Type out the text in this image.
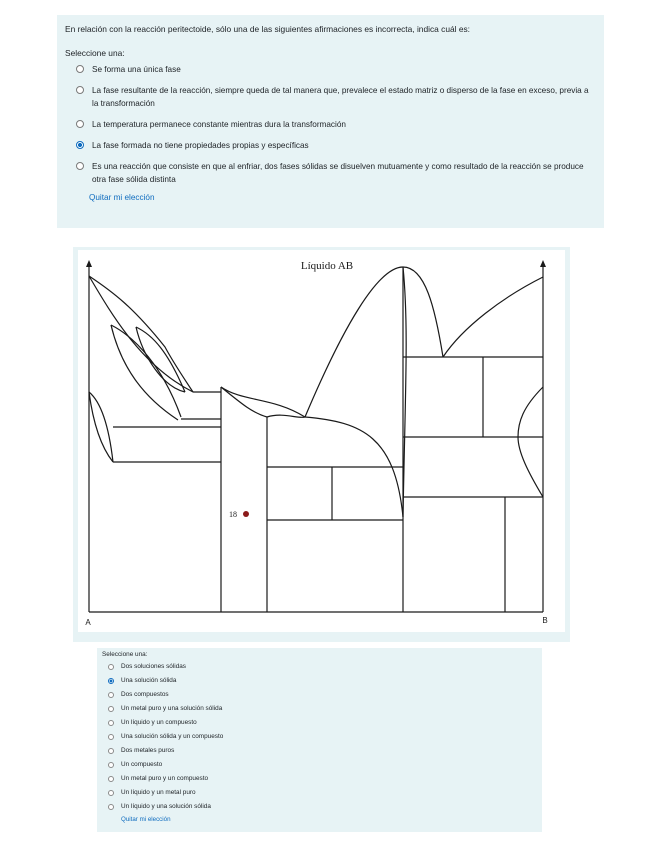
En relación con la reacción peritectoide, sólo una de las siguientes afirmaciones es incorrecta, indica cuál es:
Seleccione una:
Se forma una única fase
La fase resultante de la reacción, siempre queda de tal manera que, prevalece el estado matriz o disperso de la fase en exceso, previa a la transformación
La temperatura permanece constante mientras dura la transformación
La fase formada no tiene propiedades propias y específicas
Es una reacción que consiste en que al enfriar, dos fases sólidas se disuelven mutuamente y como resultado de la reacción se produce otra fase sólida distinta
Quitar mi elección
Líquido AB
18
A	B
Seleccione una:
Dos soluciones sólidas
Una solución sólida
Dos compuestos
Un metal puro y una solución sólida
Un líquido y un compuesto
Una solución sólida y un compuesto
Dos metales puros
Un compuesto
Un metal puro y un compuesto
Un líquido y un metal puro
Un líquido y una solución sólida
Quitar mi elección
